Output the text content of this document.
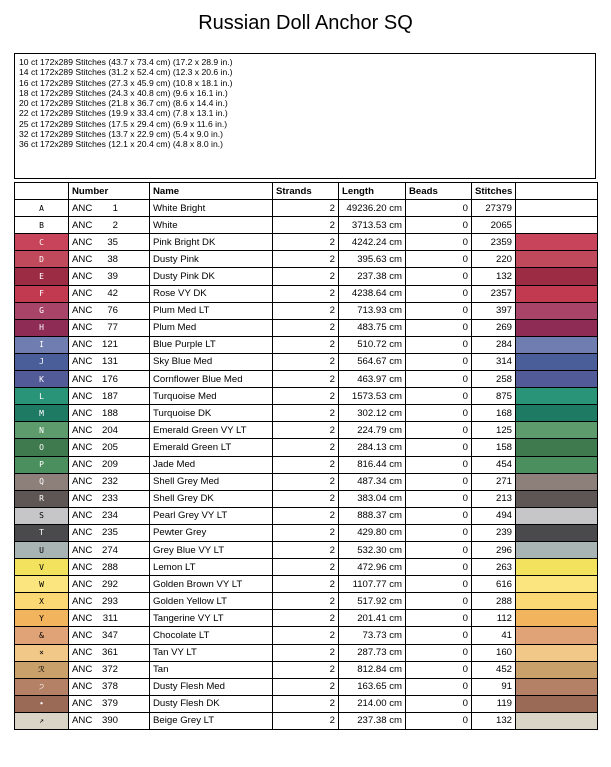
Russian Doll Anchor SQ
10 ct 172x289 Stitches (43.7 x 73.4 cm) (17.2 x 28.9 in.)
14 ct 172x289 Stitches (31.2 x 52.4 cm) (12.3 x 20.6 in.)
16 ct 172x289 Stitches (27.3 x 45.9 cm) (10.8 x 18.1 in.)
18 ct 172x289 Stitches (24.3 x 40.8 cm) (9.6 x 16.1 in.)
20 ct 172x289 Stitches (21.8 x 36.7 cm) (8.6 x 14.4 in.)
22 ct 172x289 Stitches (19.9 x 33.4 cm) (7.8 x 13.1 in.)
25 ct 172x289 Stitches (17.5 x 29.4 cm) (6.9 x 11.6 in.)
32 ct 172x289 Stitches (13.7 x 22.9 cm) (5.4 x 9.0 in.)
36 ct 172x289 Stitches (12.1 x 20.4 cm) (4.8 x 8.0 in.)
	Number	Name	Strands	Length	Beads	Stitches	
A	ANC 1	White Bright	2	49236.20 cm	0	27379	
B	ANC 2	White	2	3713.53 cm	0	2065	
C	ANC 35	Pink Bright DK	2	4242.24 cm	0	2359	
D	ANC 38	Dusty Pink	2	395.63 cm	0	220	
E	ANC 39	Dusty Pink DK	2	237.38 cm	0	132	
F	ANC 42	Rose VY DK	2	4238.64 cm	0	2357	
G	ANC 76	Plum Med LT	2	713.93 cm	0	397	
H	ANC 77	Plum Med	2	483.75 cm	0	269	
I	ANC 121	Blue Purple LT	2	510.72 cm	0	284	
J	ANC 131	Sky Blue Med	2	564.67 cm	0	314	
K	ANC 176	Cornflower Blue Med	2	463.97 cm	0	258	
L	ANC 187	Turquoise Med	2	1573.53 cm	0	875	
M	ANC 188	Turquoise DK	2	302.12 cm	0	168	
N	ANC 204	Emerald Green VY LT	2	224.79 cm	0	125	
O	ANC 205	Emerald Green LT	2	284.13 cm	0	158	
P	ANC 209	Jade Med	2	816.44 cm	0	454	
Q	ANC 232	Shell Grey Med	2	487.34 cm	0	271	
R	ANC 233	Shell Grey DK	2	383.04 cm	0	213	
S	ANC 234	Pearl Grey VY LT	2	888.37 cm	0	494	
T	ANC 235	Pewter Grey	2	429.80 cm	0	239	
U	ANC 274	Grey Blue VY LT	2	532.30 cm	0	296	
V	ANC 288	Lemon LT	2	472.96 cm	0	263	
W	ANC 292	Golden Brown VY LT	2	1107.77 cm	0	616	
X	ANC 293	Golden Yellow LT	2	517.92 cm	0	288	
Y	ANC 311	Tangerine VY LT	2	201.41 cm	0	112	
&	ANC 347	Chocolate LT	2	73.73 cm	0	41	
×	ANC 361	Tan VY LT	2	287.73 cm	0	160	
ℛ	ANC 372	Tan	2	812.84 cm	0	452	
੭	ANC 378	Dusty Flesh Med	2	163.65 cm	0	91	
∙	ANC 379	Dusty Flesh DK	2	214.00 cm	0	119	
↗	ANC 390	Beige Grey LT	2	237.38 cm	0	132	
